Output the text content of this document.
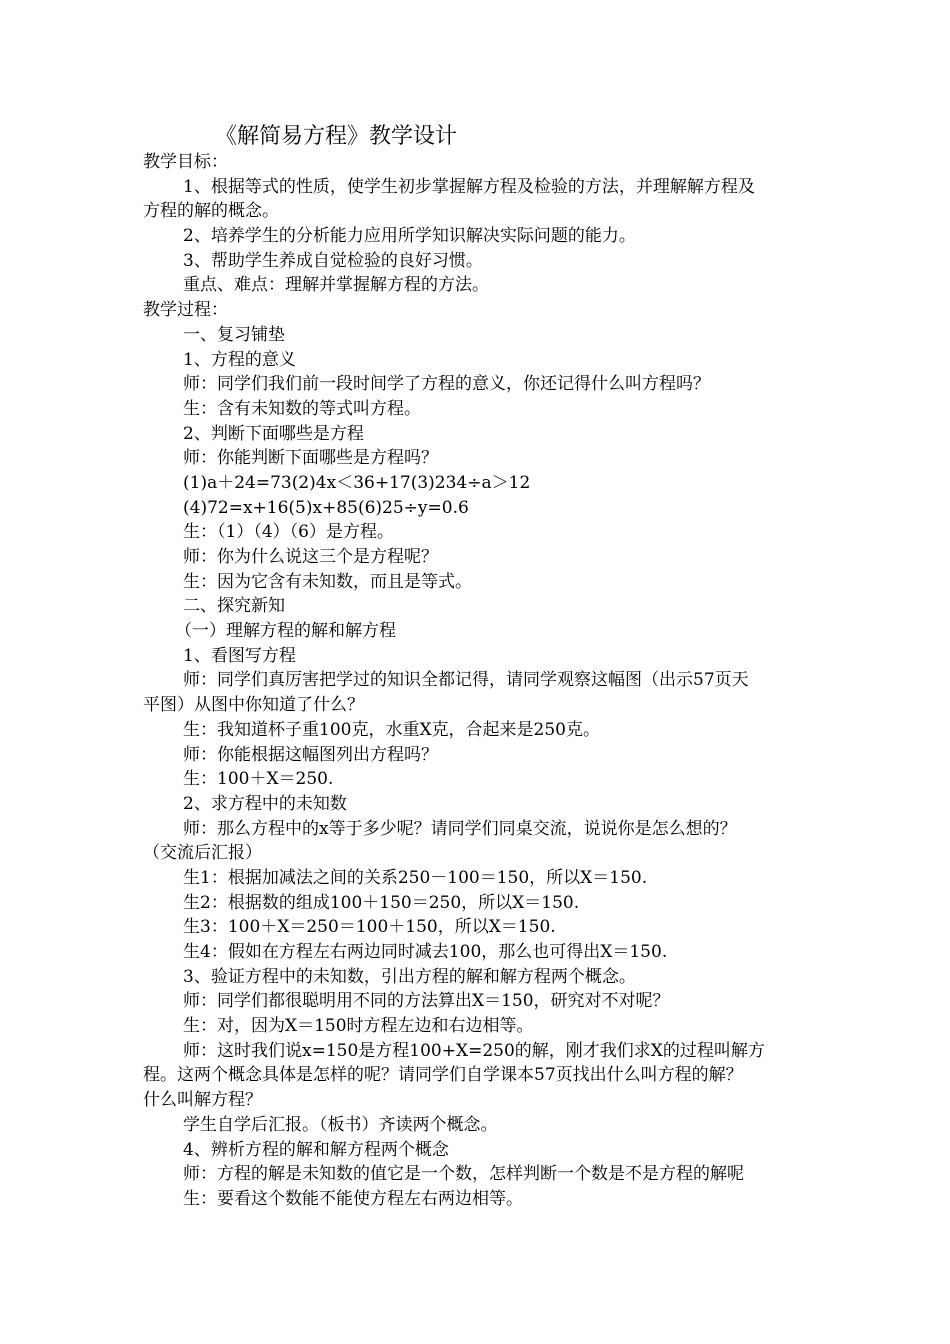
《解简易方程》教学设计
教学目标：
1、根据等式的性质，使学生初步掌握解方程及检验的方法，并理解解方程及
方程的解的概念。
2、培养学生的分析能力应用所学知识解决实际问题的能力。
3、帮助学生养成自觉检验的良好习惯。
重点、难点：理解并掌握解方程的方法。
教学过程：
一、复习铺垫
1、方程的意义
师：同学们我们前一段时间学了方程的意义，你还记得什么叫方程吗？
生：含有未知数的等式叫方程。
2、判断下面哪些是方程
师：你能判断下面哪些是方程吗？
(1)a＋24=73(2)4x＜36+17(3)234÷a＞12
(4)72=x+16(5)x+85(6)25÷y=0.6
生：（1）（4）（6）是方程。
师：你为什么说这三个是方程呢？
生：因为它含有未知数，而且是等式。
二、探究新知
（一）理解方程的解和解方程
1、看图写方程
师：同学们真厉害把学过的知识全都记得，请同学观察这幅图（出示57页天
平图）从图中你知道了什么？
生：我知道杯子重100克，水重X克，合起来是250克。
师：你能根据这幅图列出方程吗？
生：100＋X＝250.
2、求方程中的未知数
师：那么方程中的x等于多少呢？请同学们同桌交流，说说你是怎么想的？
（交流后汇报）
生1：根据加减法之间的关系250－100＝150，所以X＝150.
生2：根据数的组成100＋150＝250，所以X＝150.
生3：100＋X＝250＝100＋150，所以X＝150.
生4：假如在方程左右两边同时减去100，那么也可得出X＝150.
3、验证方程中的未知数，引出方程的解和解方程两个概念。
师：同学们都很聪明用不同的方法算出X＝150，研究对不对呢？
生：对，因为X＝150时方程左边和右边相等。
师：这时我们说x=150是方程100+X=250的解，刚才我们求X的过程叫解方
程。这两个概念具体是怎样的呢？请同学们自学课本57页找出什么叫方程的解？
什么叫解方程？
学生自学后汇报。（板书）齐读两个概念。
4、辨析方程的解和解方程两个概念
师：方程的解是未知数的值它是一个数，怎样判断一个数是不是方程的解呢
生：要看这个数能不能使方程左右两边相等。
